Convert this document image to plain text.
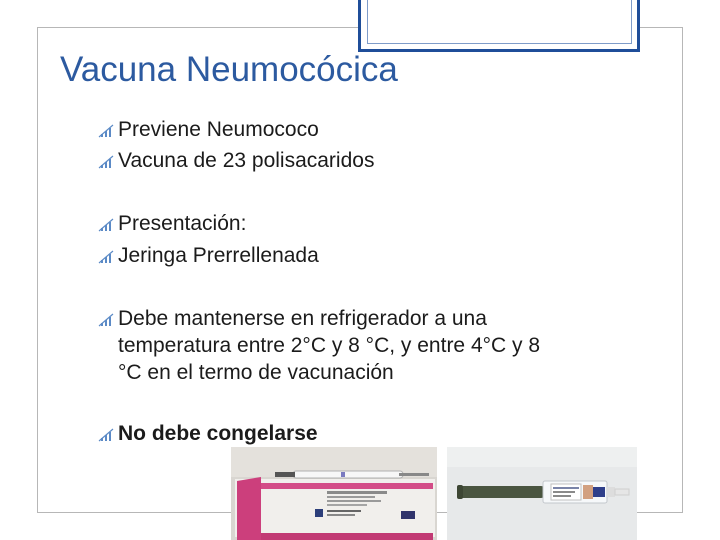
Vacuna Neumocócica
Previene Neumococo
Vacuna de 23 polisacaridos
Presentación:
Jeringa Prerrellenada
Debe mantenerse en refrigerador a una
temperatura entre 2°C y 8 °C, y entre 4°C y 8
°C en el termo de vacunación
No debe congelarse
